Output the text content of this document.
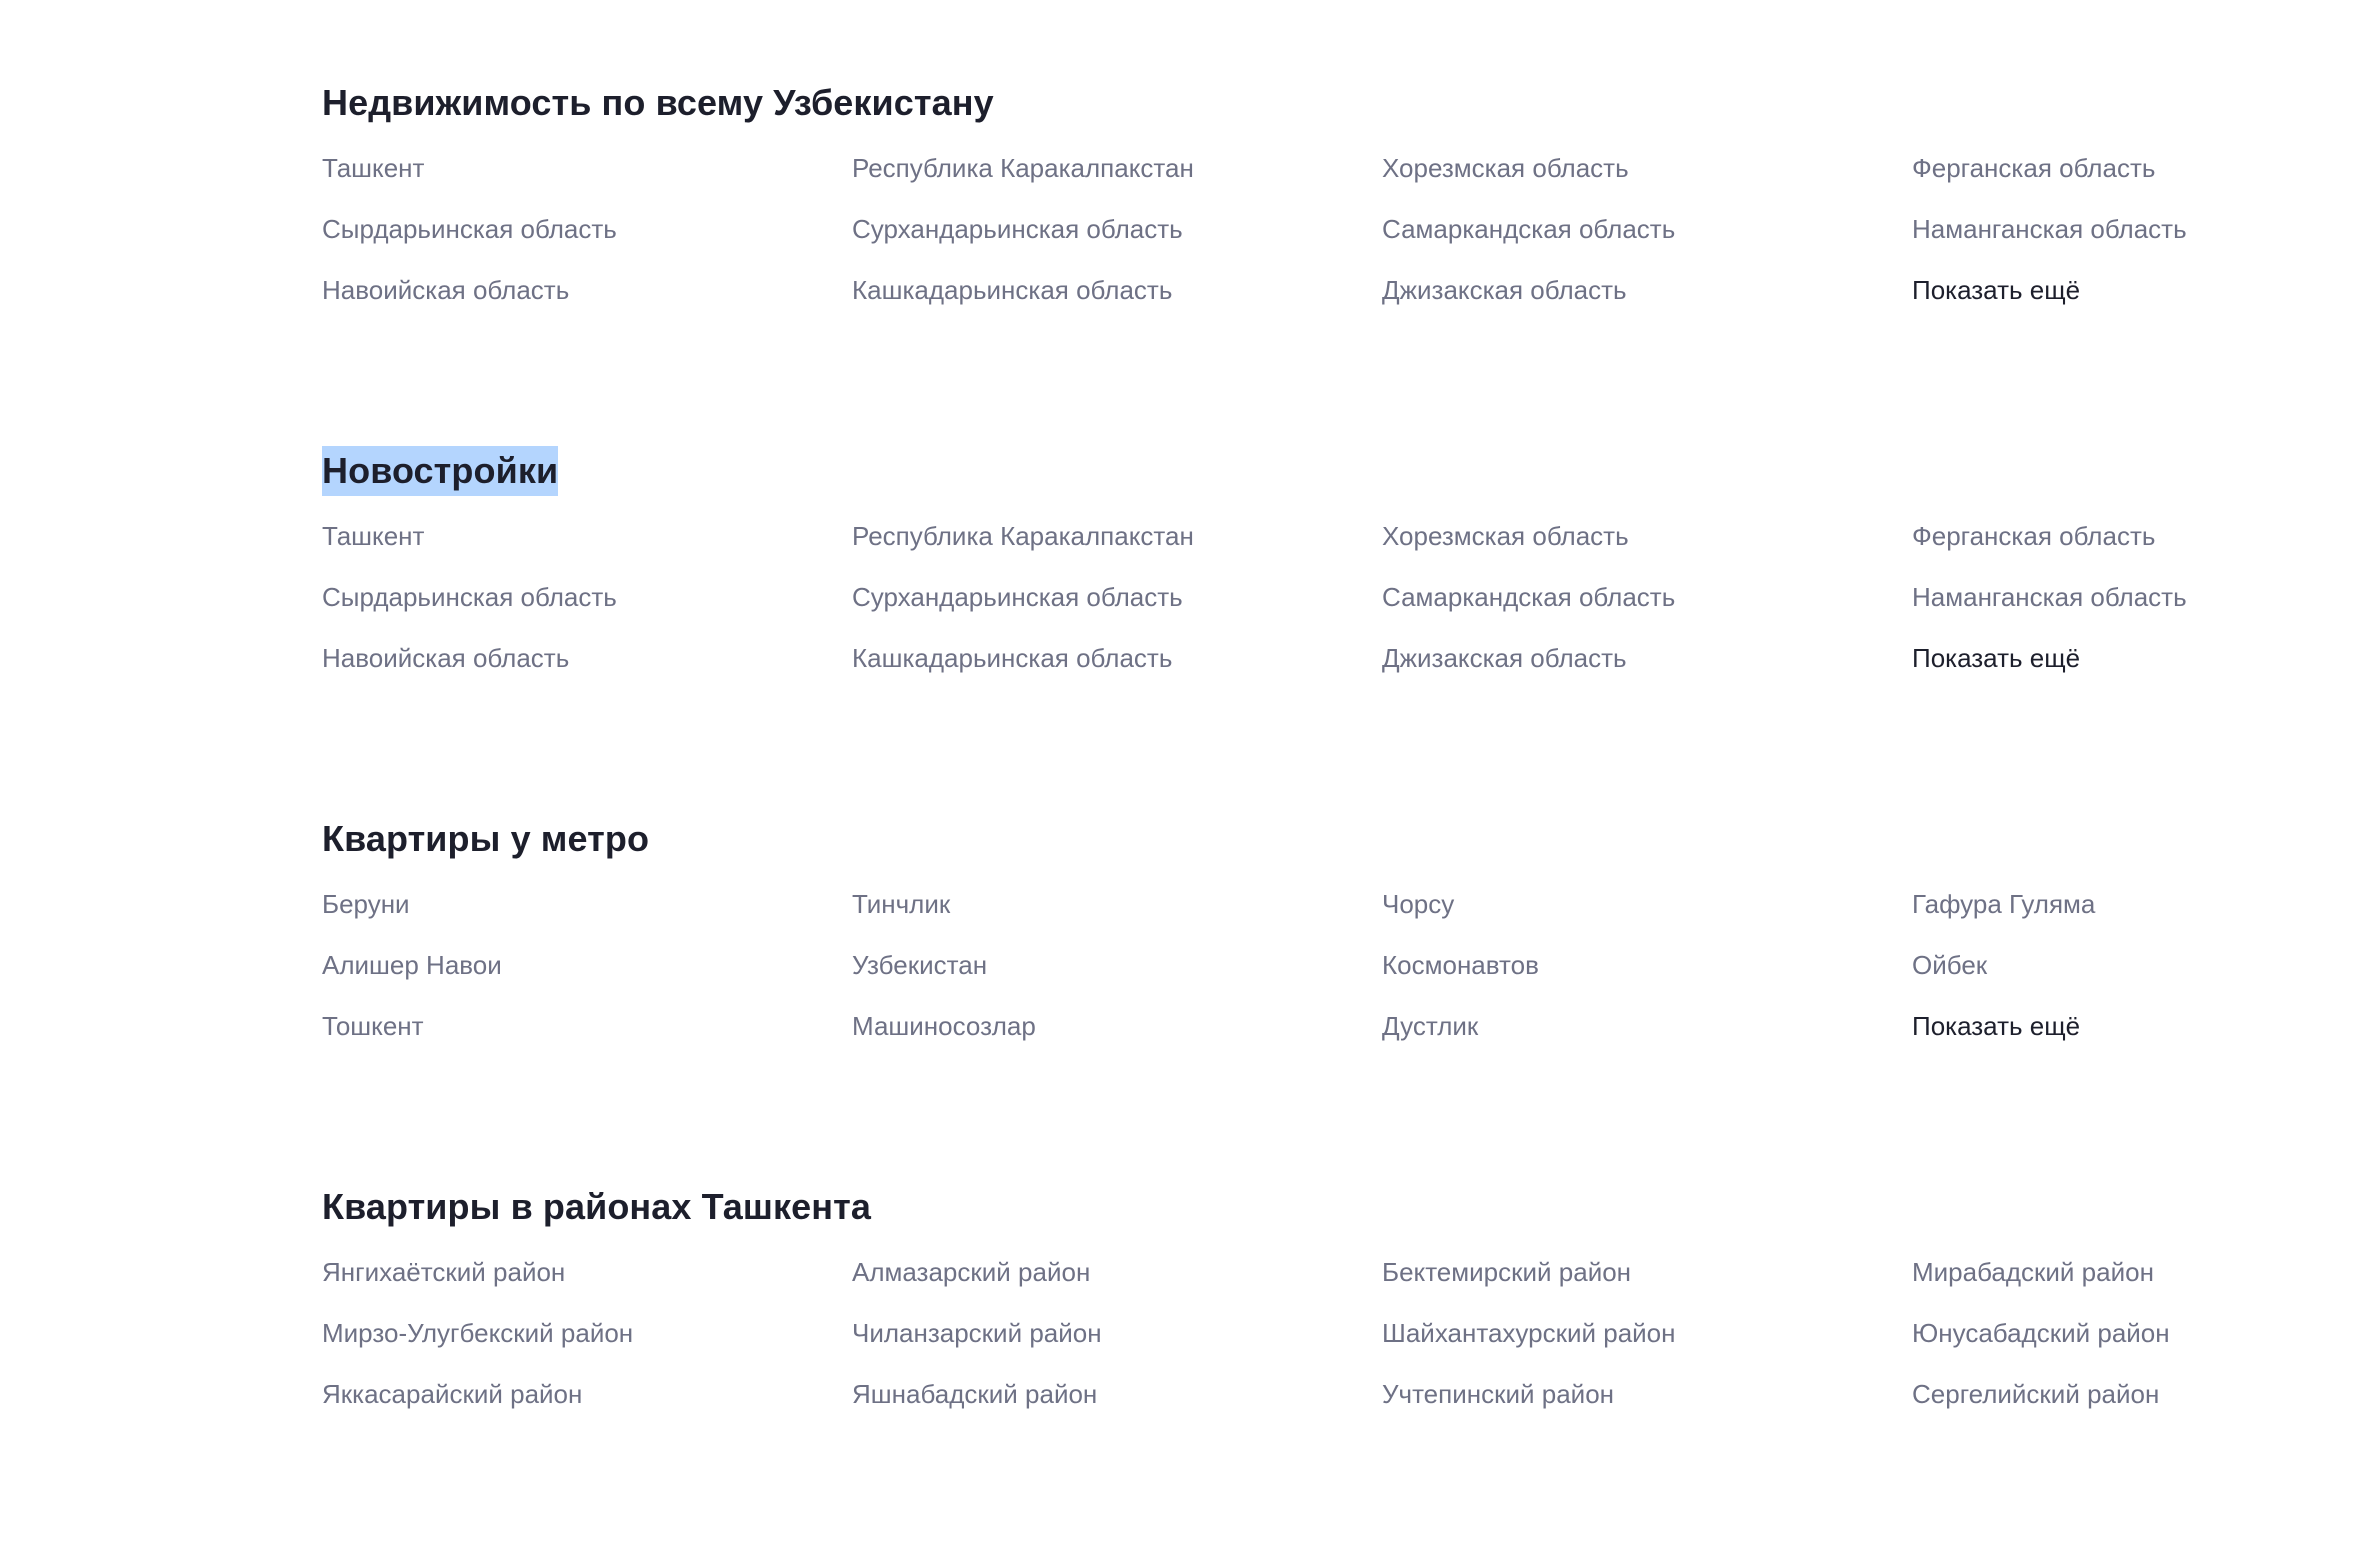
Недвижимость по всему Узбекистану
Ташкент	Республика Каракалпакстан	Хорезмская область	Ферганская область
Сырдарьинская область	Сурхандарьинская область	Самаркандская область	Наманганская область
Навоийская область	Кашкадарьинская область	Джизакская область	Показать ещё
Новостройки
Ташкент	Республика Каракалпакстан	Хорезмская область	Ферганская область
Сырдарьинская область	Сурхандарьинская область	Самаркандская область	Наманганская область
Навоийская область	Кашкадарьинская область	Джизакская область	Показать ещё
Квартиры у метро
Беруни	Тинчлик	Чорсу	Гафура Гуляма
Алишер Навои	Узбекистан	Космонавтов	Ойбек
Тошкент	Машиносозлар	Дустлик	Показать ещё
Квартиры в районах Ташкента
Янгихаётский район	Алмазарский район	Бектемирский район	Мирабадский район
Мирзо-Улугбекский район	Чиланзарский район	Шайхантахурский район	Юнусабадский район
Яккасарайский район	Яшнабадский район	Учтепинский район	Сергелийский район
